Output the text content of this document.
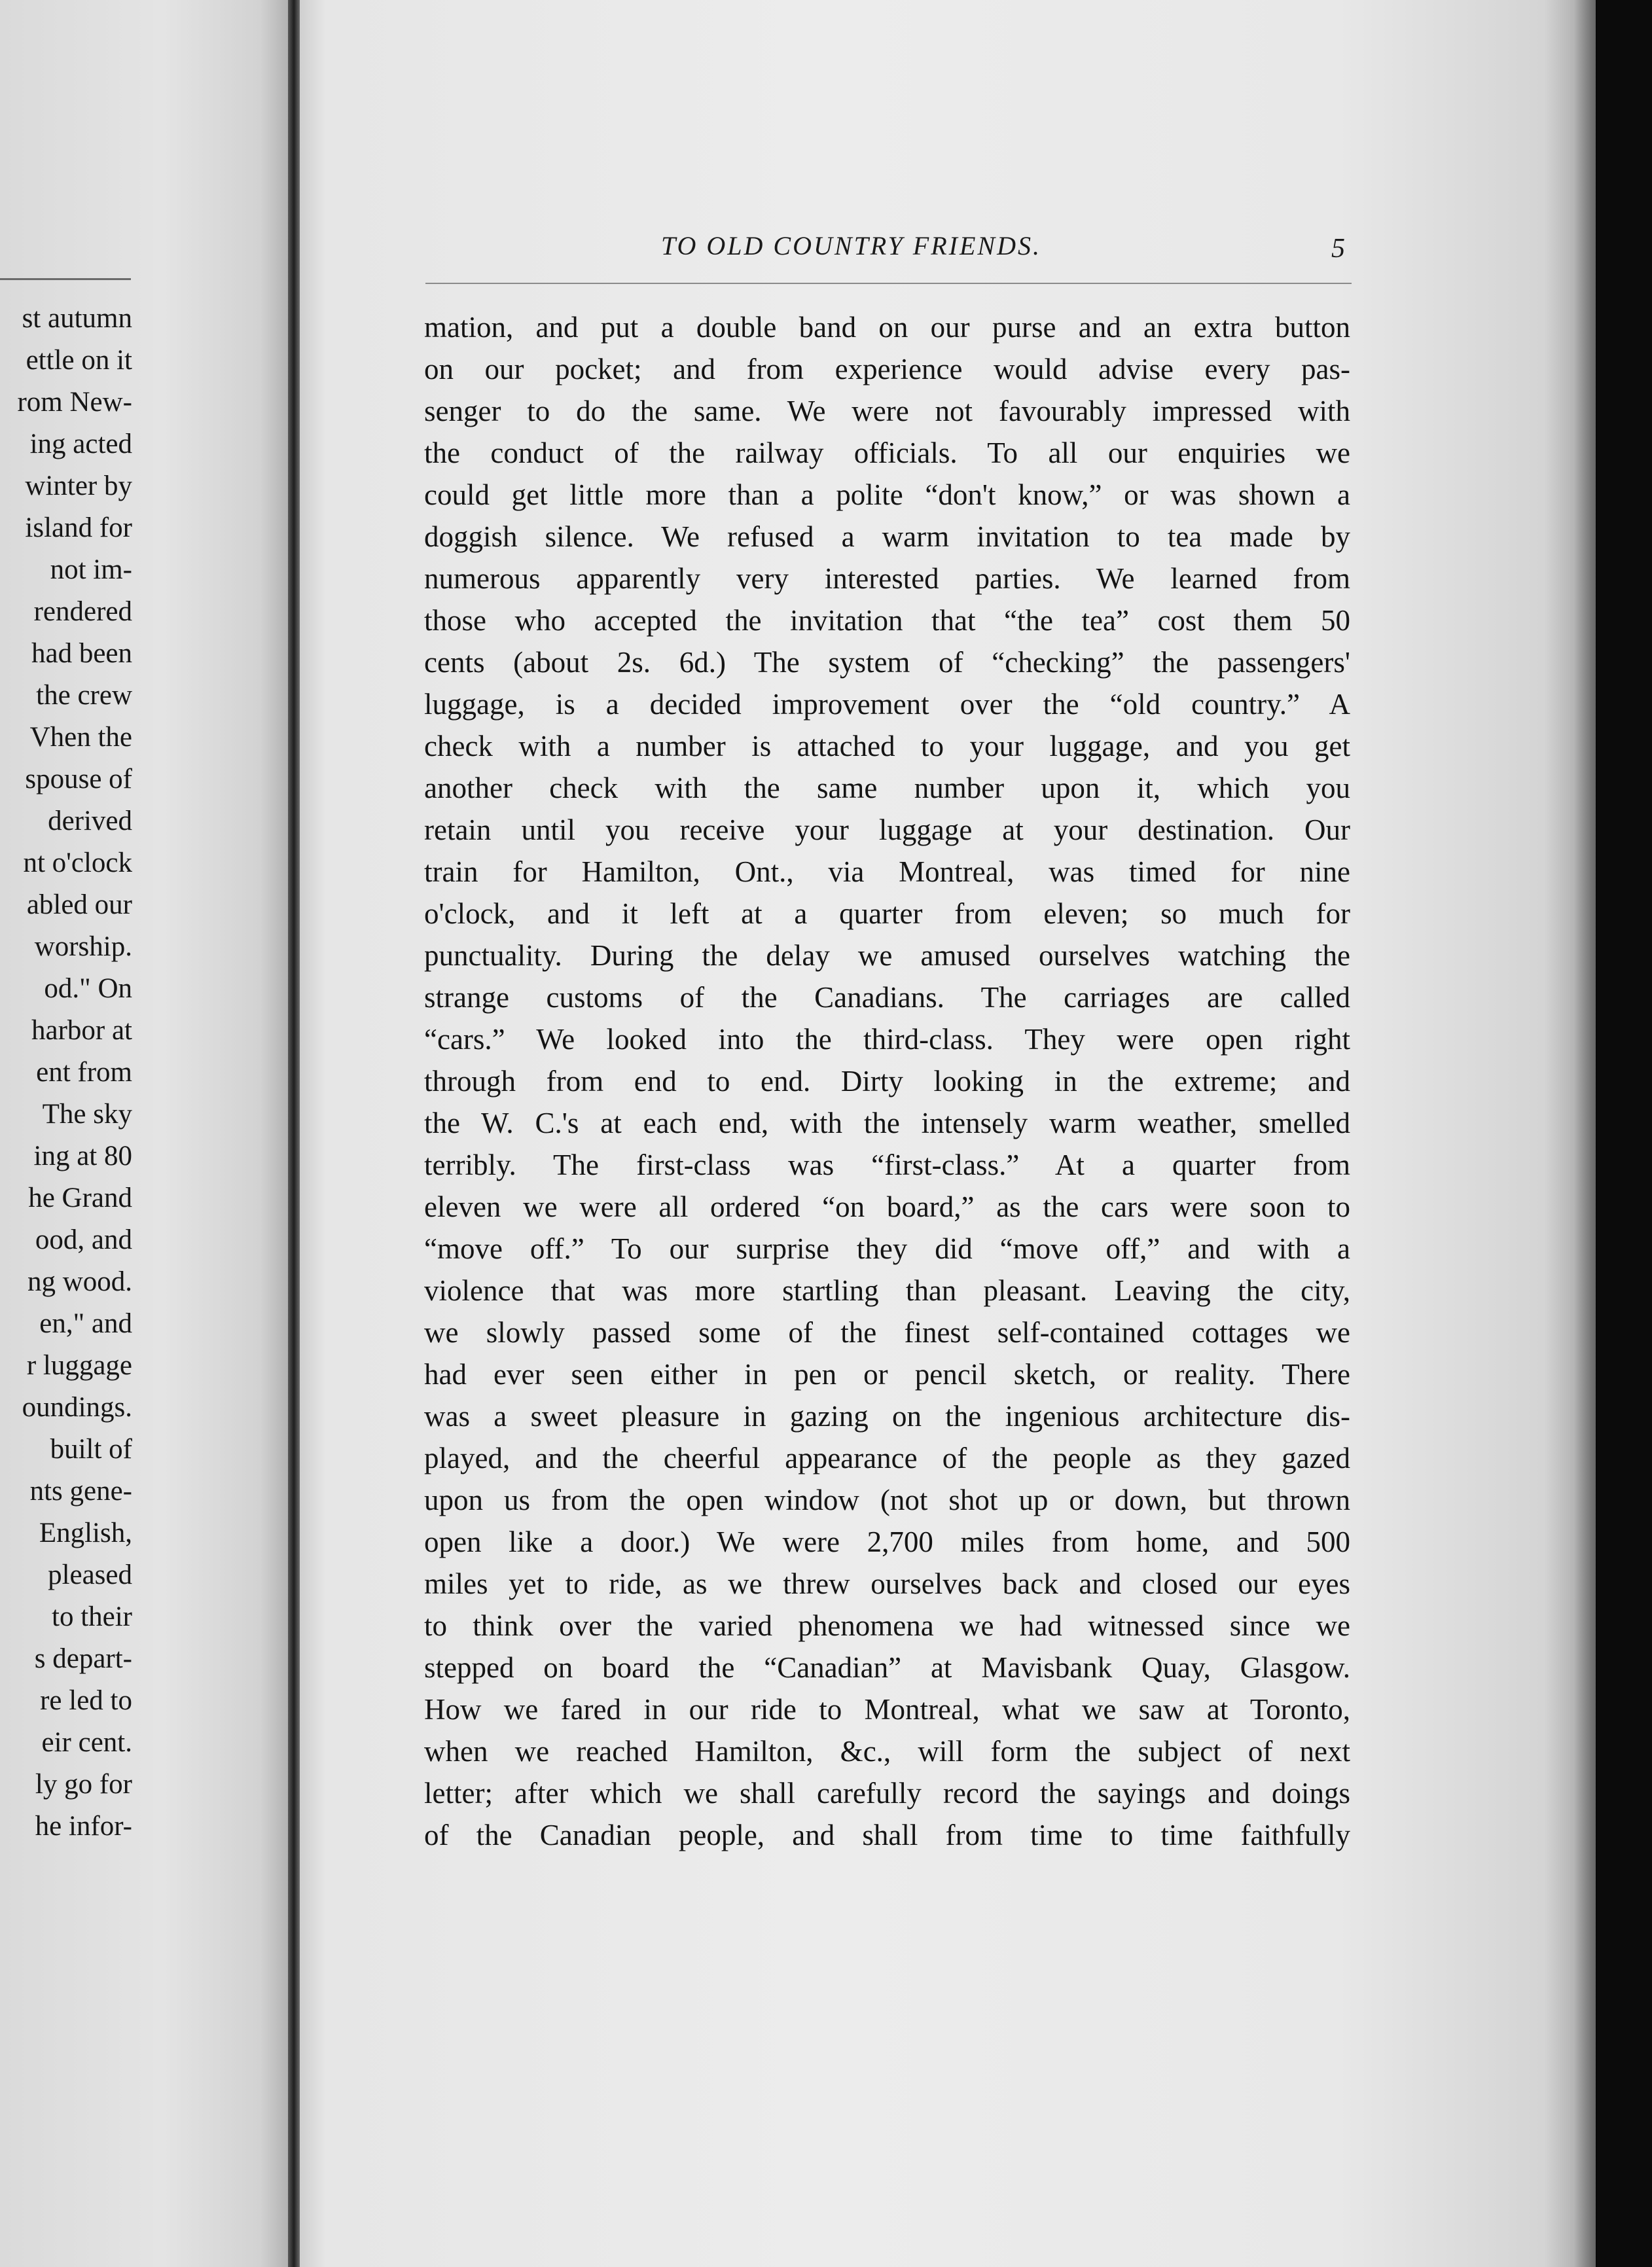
st autumn
ettle on it
rom New-
ing acted
winter by
island for
not im-
rendered
had been
the crew
Vhen the
spouse of
derived
nt o'clock
abled our
worship.
od." On
harbor at
ent from
The sky
ing at 80
he Grand
ood, and
ng wood.
en," and
r luggage
oundings.
built of
nts gene-
English,
pleased
to their
s depart-
re led to
eir cent.
ly go for
he infor-
TO OLD COUNTRY FRIENDS.	5
mation, and put a double band on our purse and an extra button
on our pocket; and from experience would advise every pas-
senger to do the same. We were not favourably impressed with
the conduct of the railway officials. To all our enquiries we
could get little more than a polite “don't know,” or was shown a
doggish silence. We refused a warm invitation to tea made by
numerous apparently very interested parties. We learned from
those who accepted the invitation that “the tea” cost them 50
cents (about 2s. 6d.) The system of “checking” the passengers'
luggage, is a decided improvement over the “old country.” A
check with a number is attached to your luggage, and you get
another check with the same number upon it, which you
retain until you receive your luggage at your destination. Our
train for Hamilton, Ont., via Montreal, was timed for nine
o'clock, and it left at a quarter from eleven; so much for
punctuality. During the delay we amused ourselves watching the
strange customs of the Canadians. The carriages are called
“cars.” We looked into the third-class. They were open right
through from end to end. Dirty looking in the extreme; and
the W. C.'s at each end, with the intensely warm weather, smelled
terribly. The first-class was “first-class.” At a quarter from
eleven we were all ordered “on board,” as the cars were soon to
“move off.” To our surprise they did “move off,” and with a
violence that was more startling than pleasant. Leaving the city,
we slowly passed some of the finest self-contained cottages we
had ever seen either in pen or pencil sketch, or reality. There
was a sweet pleasure in gazing on the ingenious architecture dis-
played, and the cheerful appearance of the people as they gazed
upon us from the open window (not shot up or down, but thrown
open like a door.) We were 2,700 miles from home, and 500
miles yet to ride, as we threw ourselves back and closed our eyes
to think over the varied phenomena we had witnessed since we
stepped on board the “Canadian” at Mavisbank Quay, Glasgow.
How we fared in our ride to Montreal, what we saw at Toronto,
when we reached Hamilton, &c., will form the subject of next
letter; after which we shall carefully record the sayings and doings
of the Canadian people, and shall from time to time faithfully
